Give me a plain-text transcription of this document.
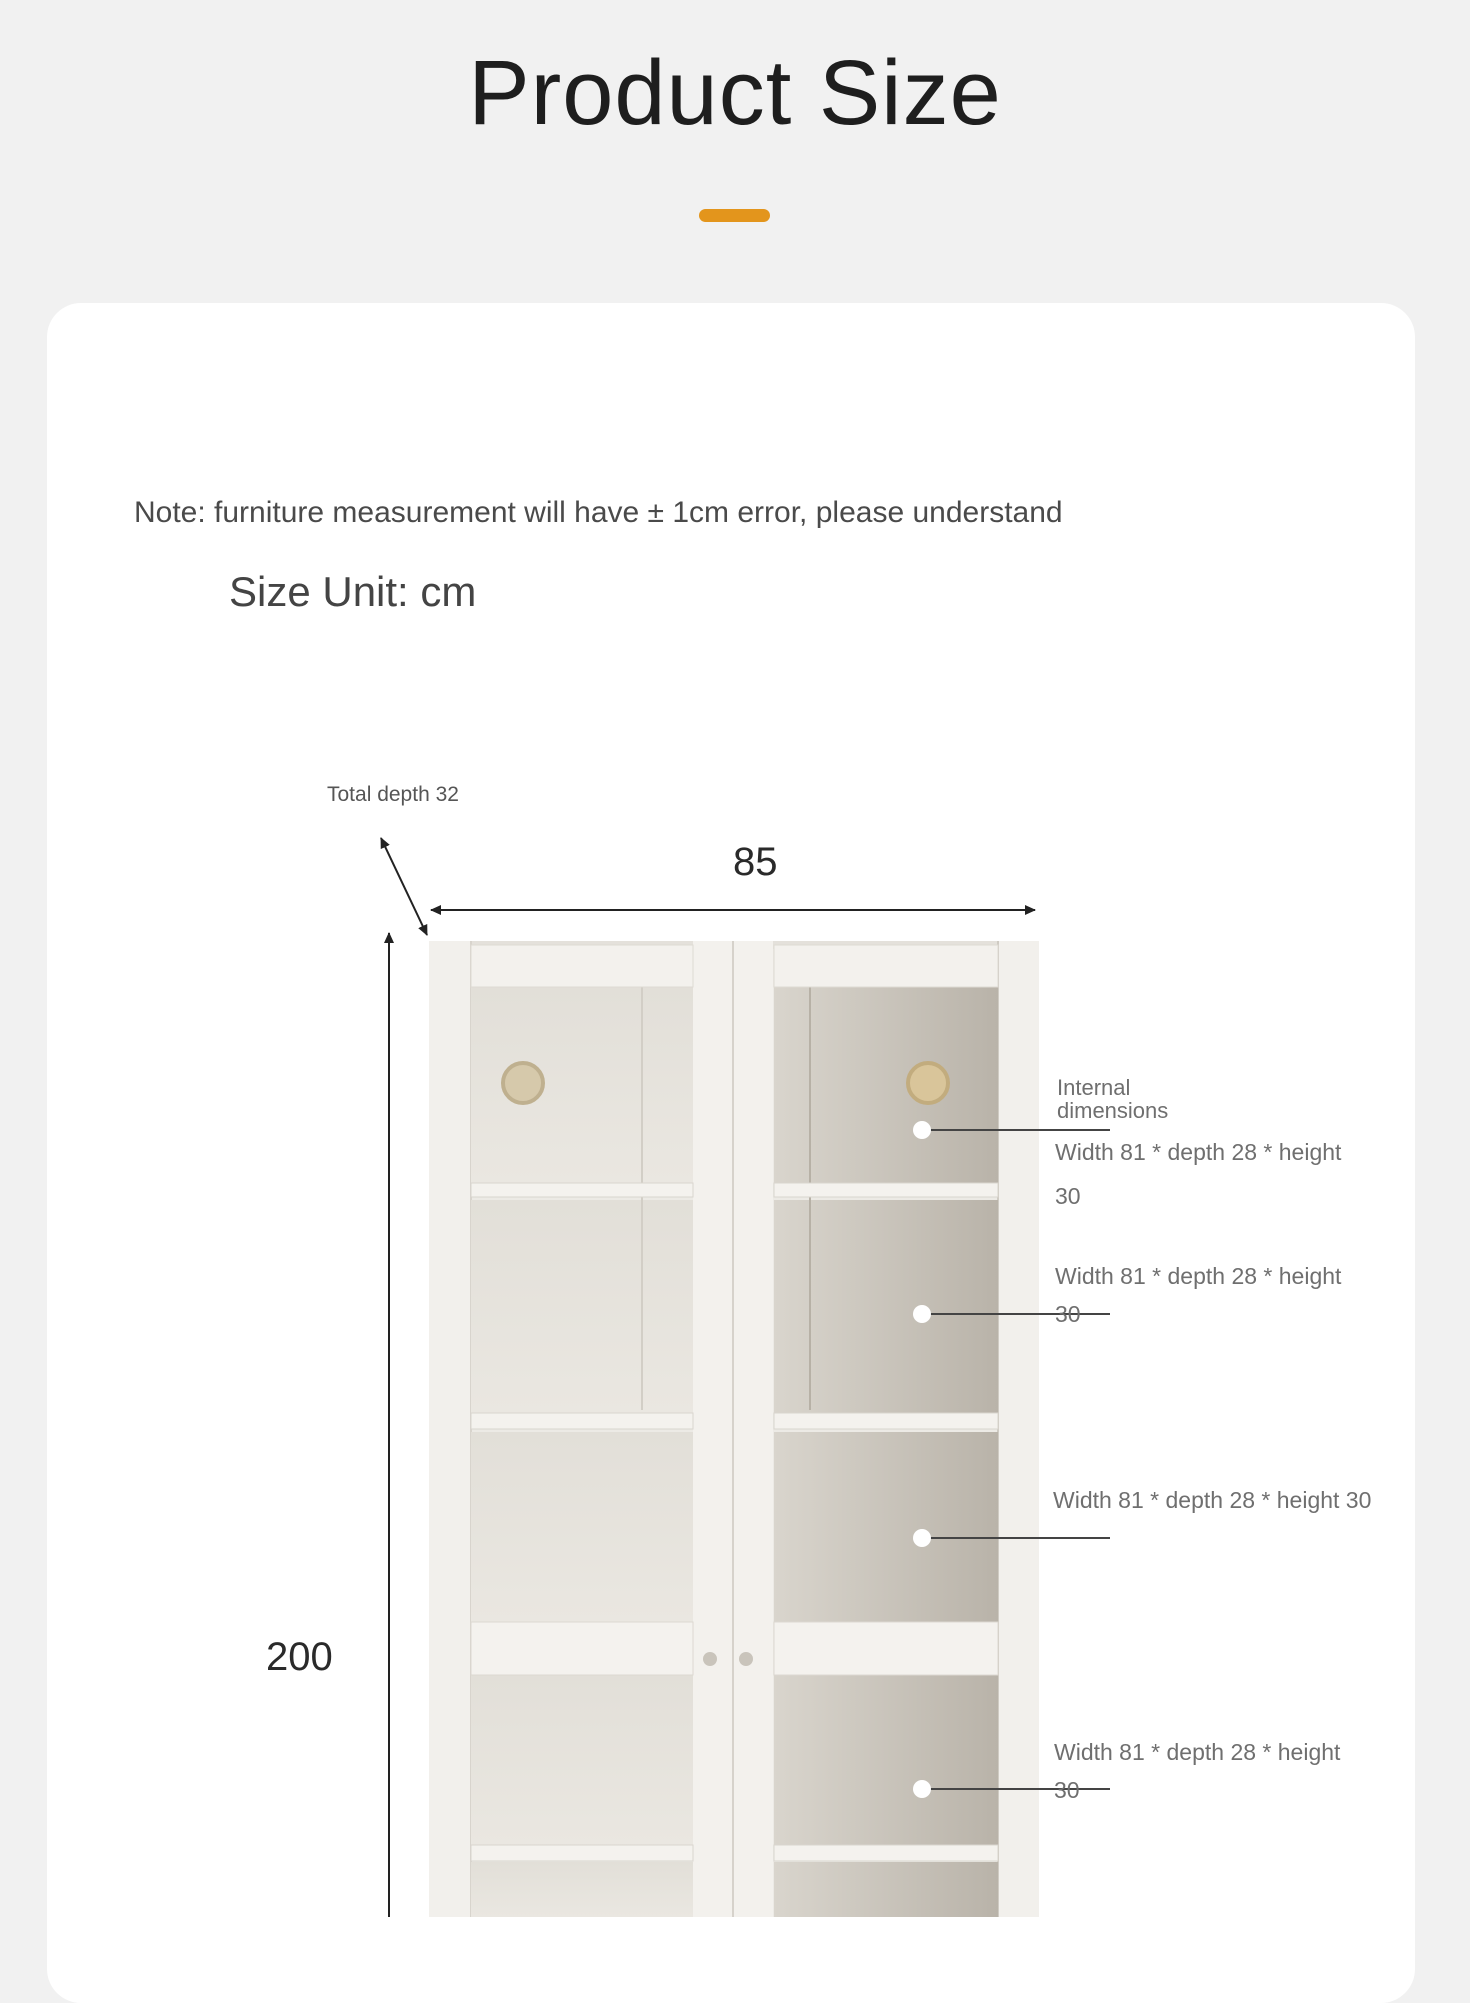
Product Size
Note: furniture measurement will have ± 1cm error, please understand
Size Unit: cm
Total depth 32
85
200
Internal
dimensions
Width 81 * depth 28 * height
30
Width 81 * depth 28 * height
30
Width 81 * depth 28 * height 30
Width 81 * depth 28 * height
30
